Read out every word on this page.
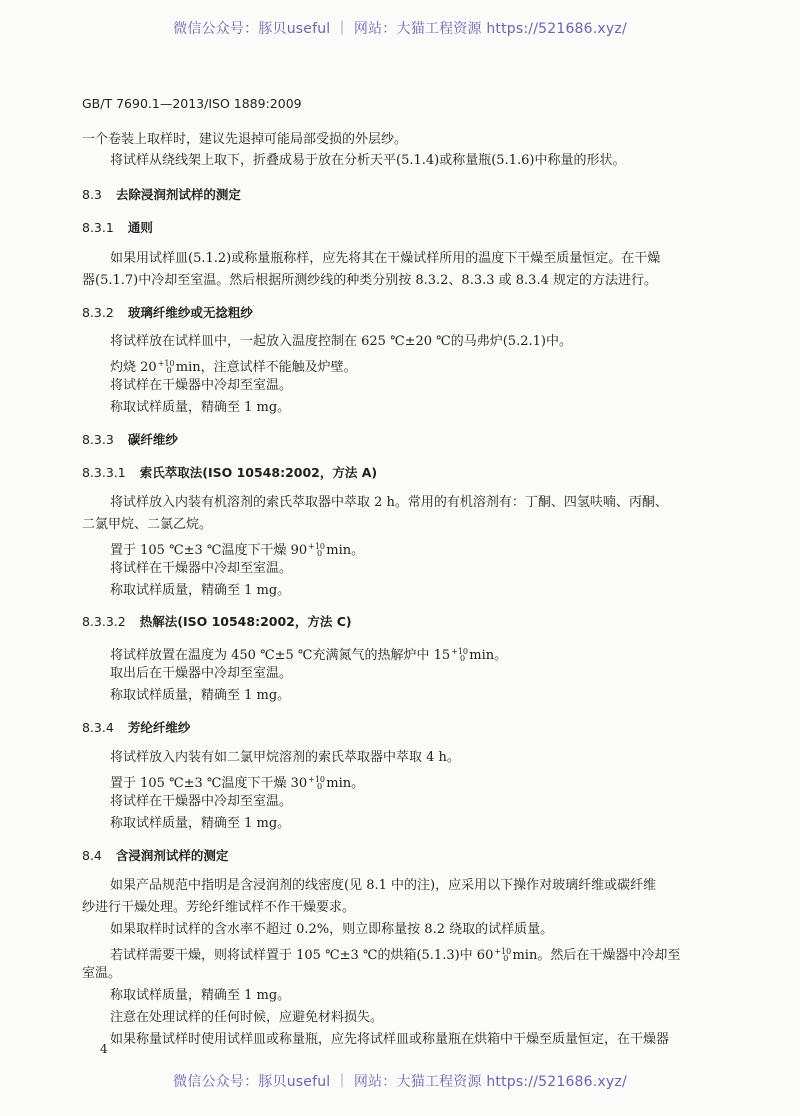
微信公众号：豚贝useful ｜ 网站：大猫工程资源 https://521686.xyz/
GB/T 7690.1—2013/ISO 1889:2009
一个卷装上取样时，建议先退掉可能局部受损的外层纱。
将试样从绕线架上取下，折叠成易于放在分析天平(5.1.4)或称量瓶(5.1.6)中称量的形状。
8.3 去除浸润剂试样的测定
8.3.1 通则
如果用试样皿(5.1.2)或称量瓶称样，应先将其在干燥试样所用的温度下干燥至质量恒定。在干燥
器(5.1.7)中冷却至室温。然后根据所测纱线的种类分别按 8.3.2、8.3.3 或 8.3.4 规定的方法进行。
8.3.2 玻璃纤维纱或无捻粗纱
将试样放在试样皿中，一起放入温度控制在 625 ℃±20 ℃的马弗炉(5.2.1)中。
灼烧 $20^{+10}_0$ min，注意试样不能触及炉壁。
将试样在干燥器中冷却至室温。
称取试样质量，精确至 1 mg。
8.3.3 碳纤维纱
8.3.3.1 索氏萃取法(ISO 10548:2002，方法 A)
将试样放入内装有机溶剂的索氏萃取器中萃取 2 h。常用的有机溶剂有：丁酮、四氢呋喃、丙酮、
二氯甲烷、二氯乙烷。
置于 105 ℃±3 ℃温度下干燥 $90^{+10}_0$ min。
将试样在干燥器中冷却至室温。
称取试样质量，精确至 1 mg。
8.3.3.2 热解法(ISO 10548:2002，方法 C)
将试样放置在温度为 450 ℃±5 ℃充满氮气的热解炉中 $15^{+10}_0$ min。
取出后在干燥器中冷却至室温。
称取试样质量，精确至 1 mg。
8.3.4 芳纶纤维纱
将试样放入内装有如二氯甲烷溶剂的索氏萃取器中萃取 4 h。
置于 105 ℃±3 ℃温度下干燥 $30^{+10}_0$ min。
将试样在干燥器中冷却至室温。
称取试样质量，精确至 1 mg。
8.4 含浸润剂试样的测定
如果产品规范中指明是含浸润剂的线密度(见 8.1 中的注)，应采用以下操作对玻璃纤维或碳纤维
纱进行干燥处理。芳纶纤维试样不作干燥要求。
如果取样时试样的含水率不超过 0.2%，则立即称量按 8.2 绕取的试样质量。
若试样需要干燥，则将试样置于 105 ℃±3 ℃的烘箱(5.1.3)中 $60^{+10}_0$ min。然后在干燥器中冷却至
室温。
称取试样质量，精确至 1 mg。
注意在处理试样的任何时候，应避免材料损失。
如果称量试样时使用试样皿或称量瓶，应先将试样皿或称量瓶在烘箱中干燥至质量恒定，在干燥器
4
微信公众号：豚贝useful ｜ 网站：大猫工程资源 https://521686.xyz/
